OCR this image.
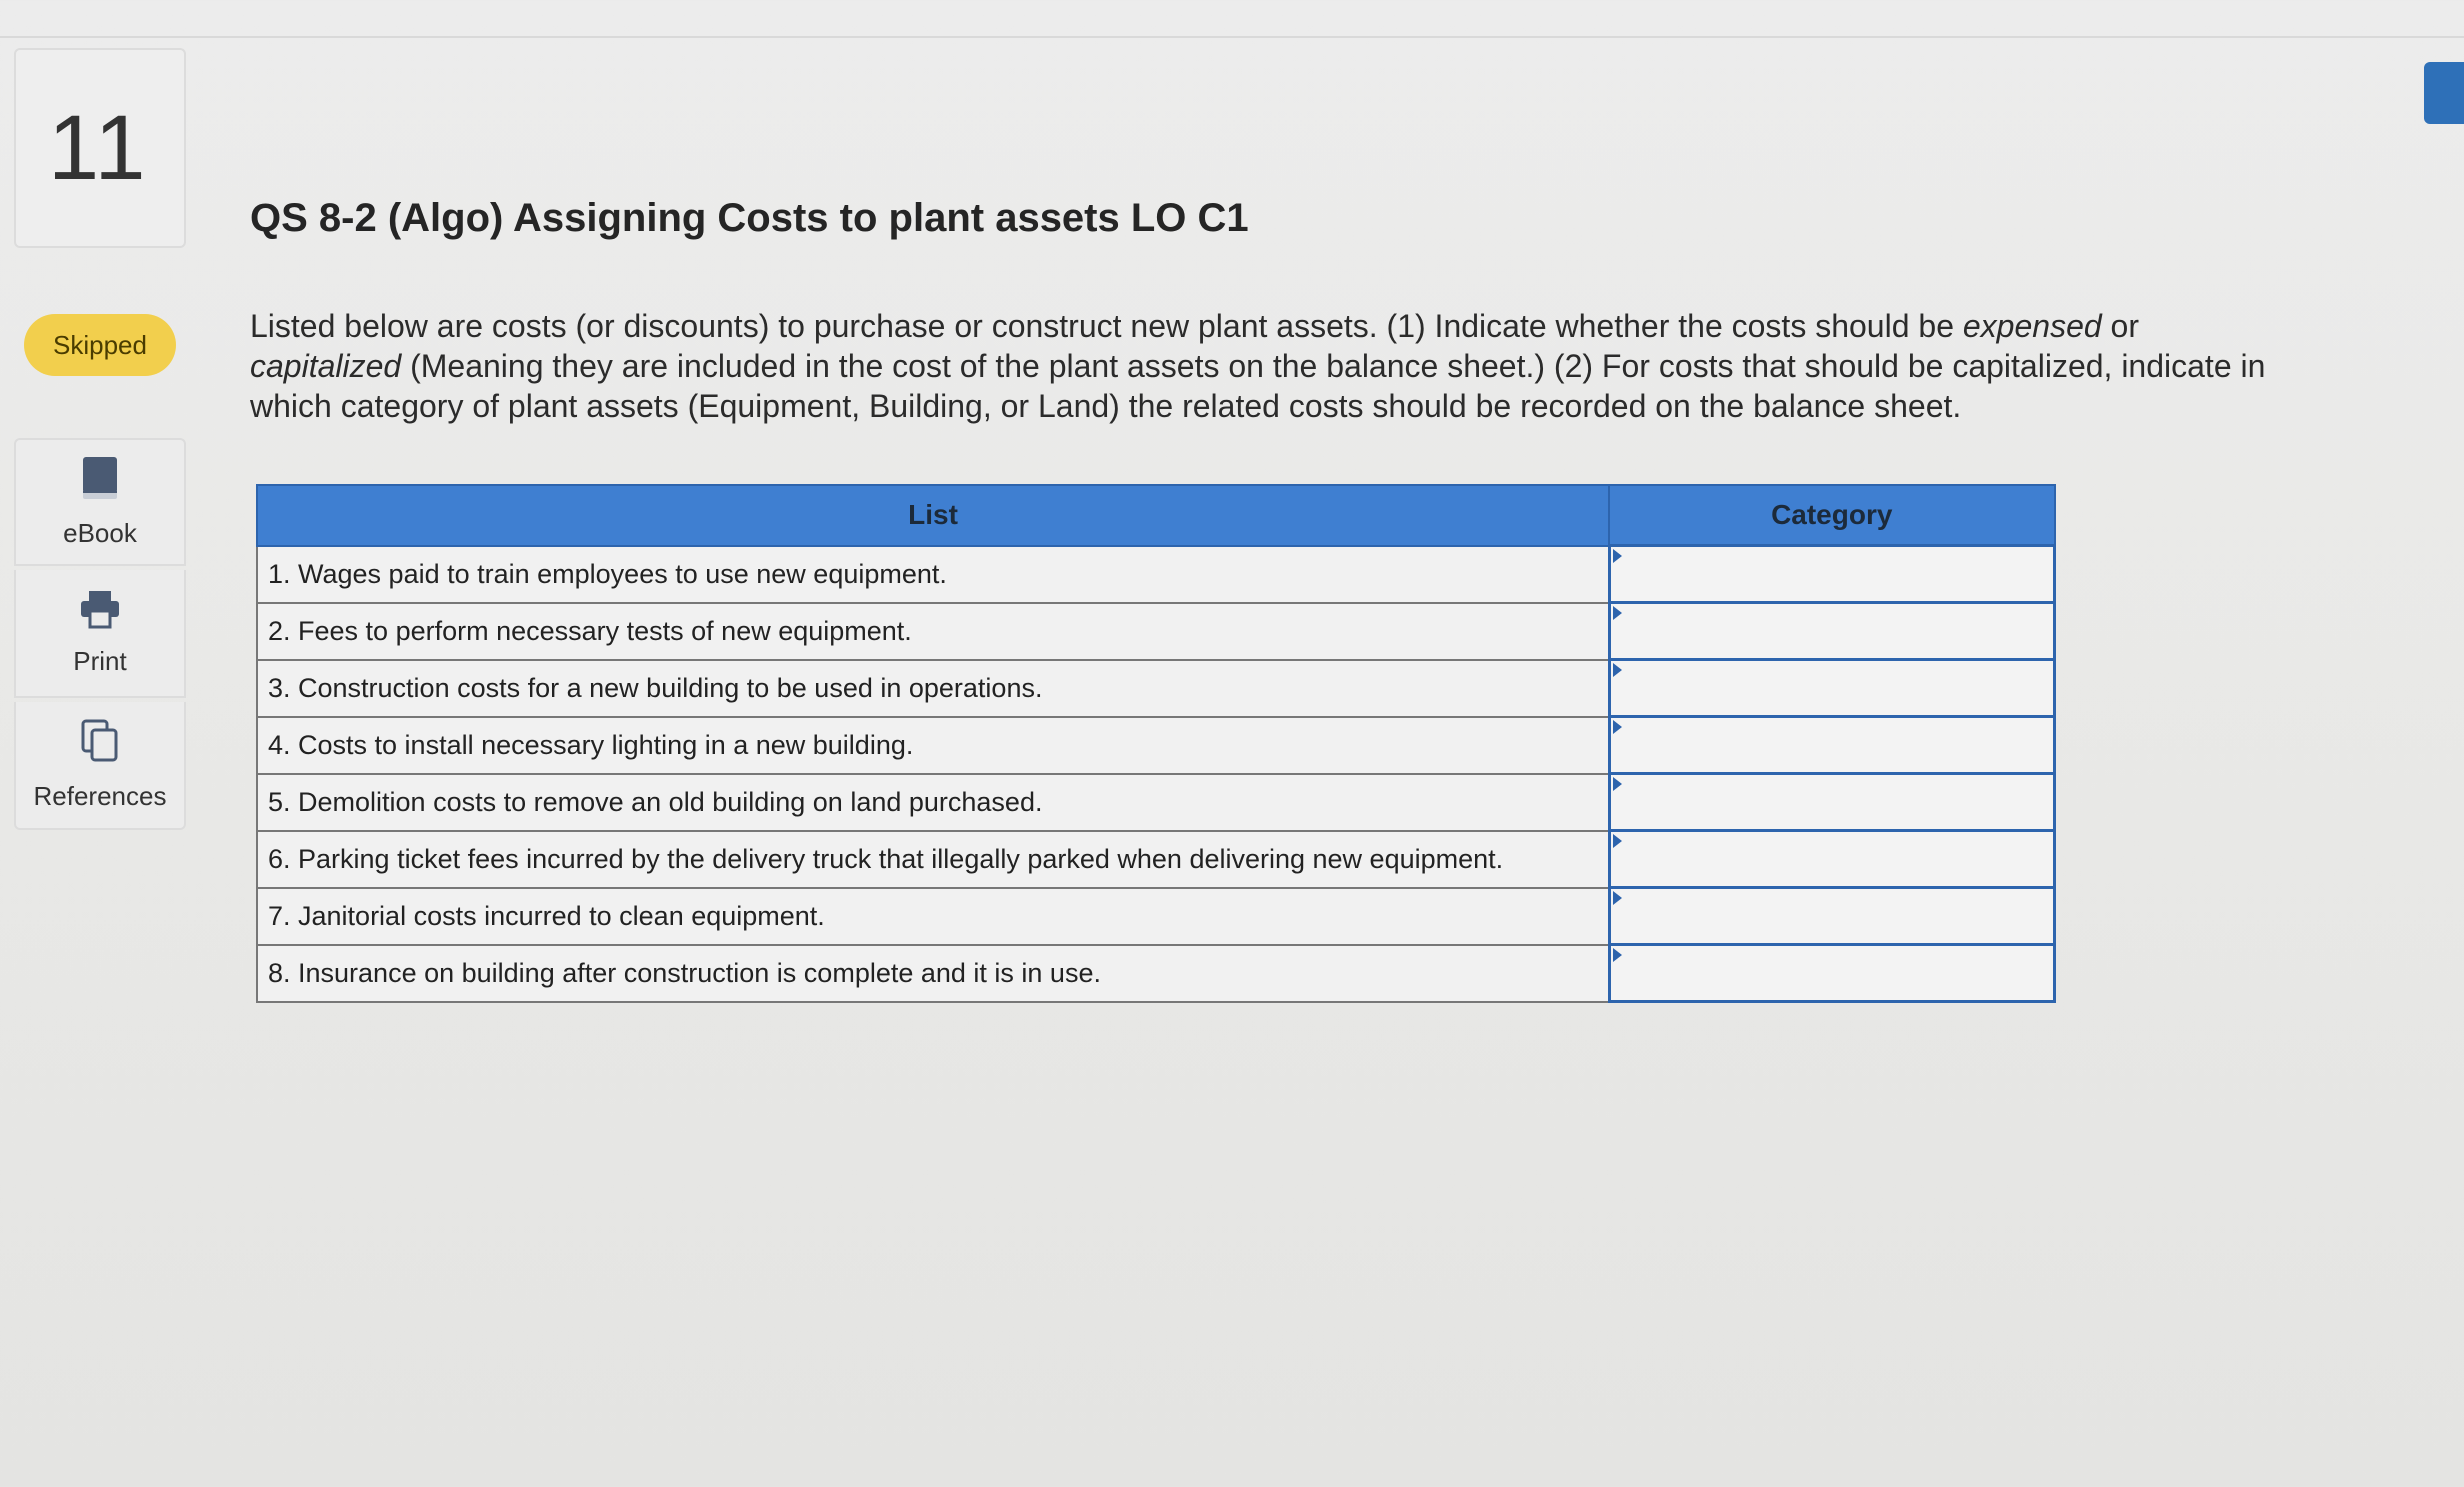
11
Skipped
eBook
Print
References
QS 8-2 (Algo) Assigning Costs to plant assets LO C1
Listed below are costs (or discounts) to purchase or construct new plant assets. (1) Indicate whether the costs should be expensed or capitalized (Meaning they are included in the cost of the plant assets on the balance sheet.) (2) For costs that should be capitalized, indicate in which category of plant assets (Equipment, Building, or Land) the related costs should be recorded on the balance sheet.
List	Category
1. Wages paid to train employees to use new equipment.	

2. Fees to perform necessary tests of new equipment.	

3. Construction costs for a new building to be used in operations.	

4. Costs to install necessary lighting in a new building.	

5. Demolition costs to remove an old building on land purchased.	

6. Parking ticket fees incurred by the delivery truck that illegally parked when delivering new equipment.	

7. Janitorial costs incurred to clean equipment.	

8. Insurance on building after construction is complete and it is in use.	
